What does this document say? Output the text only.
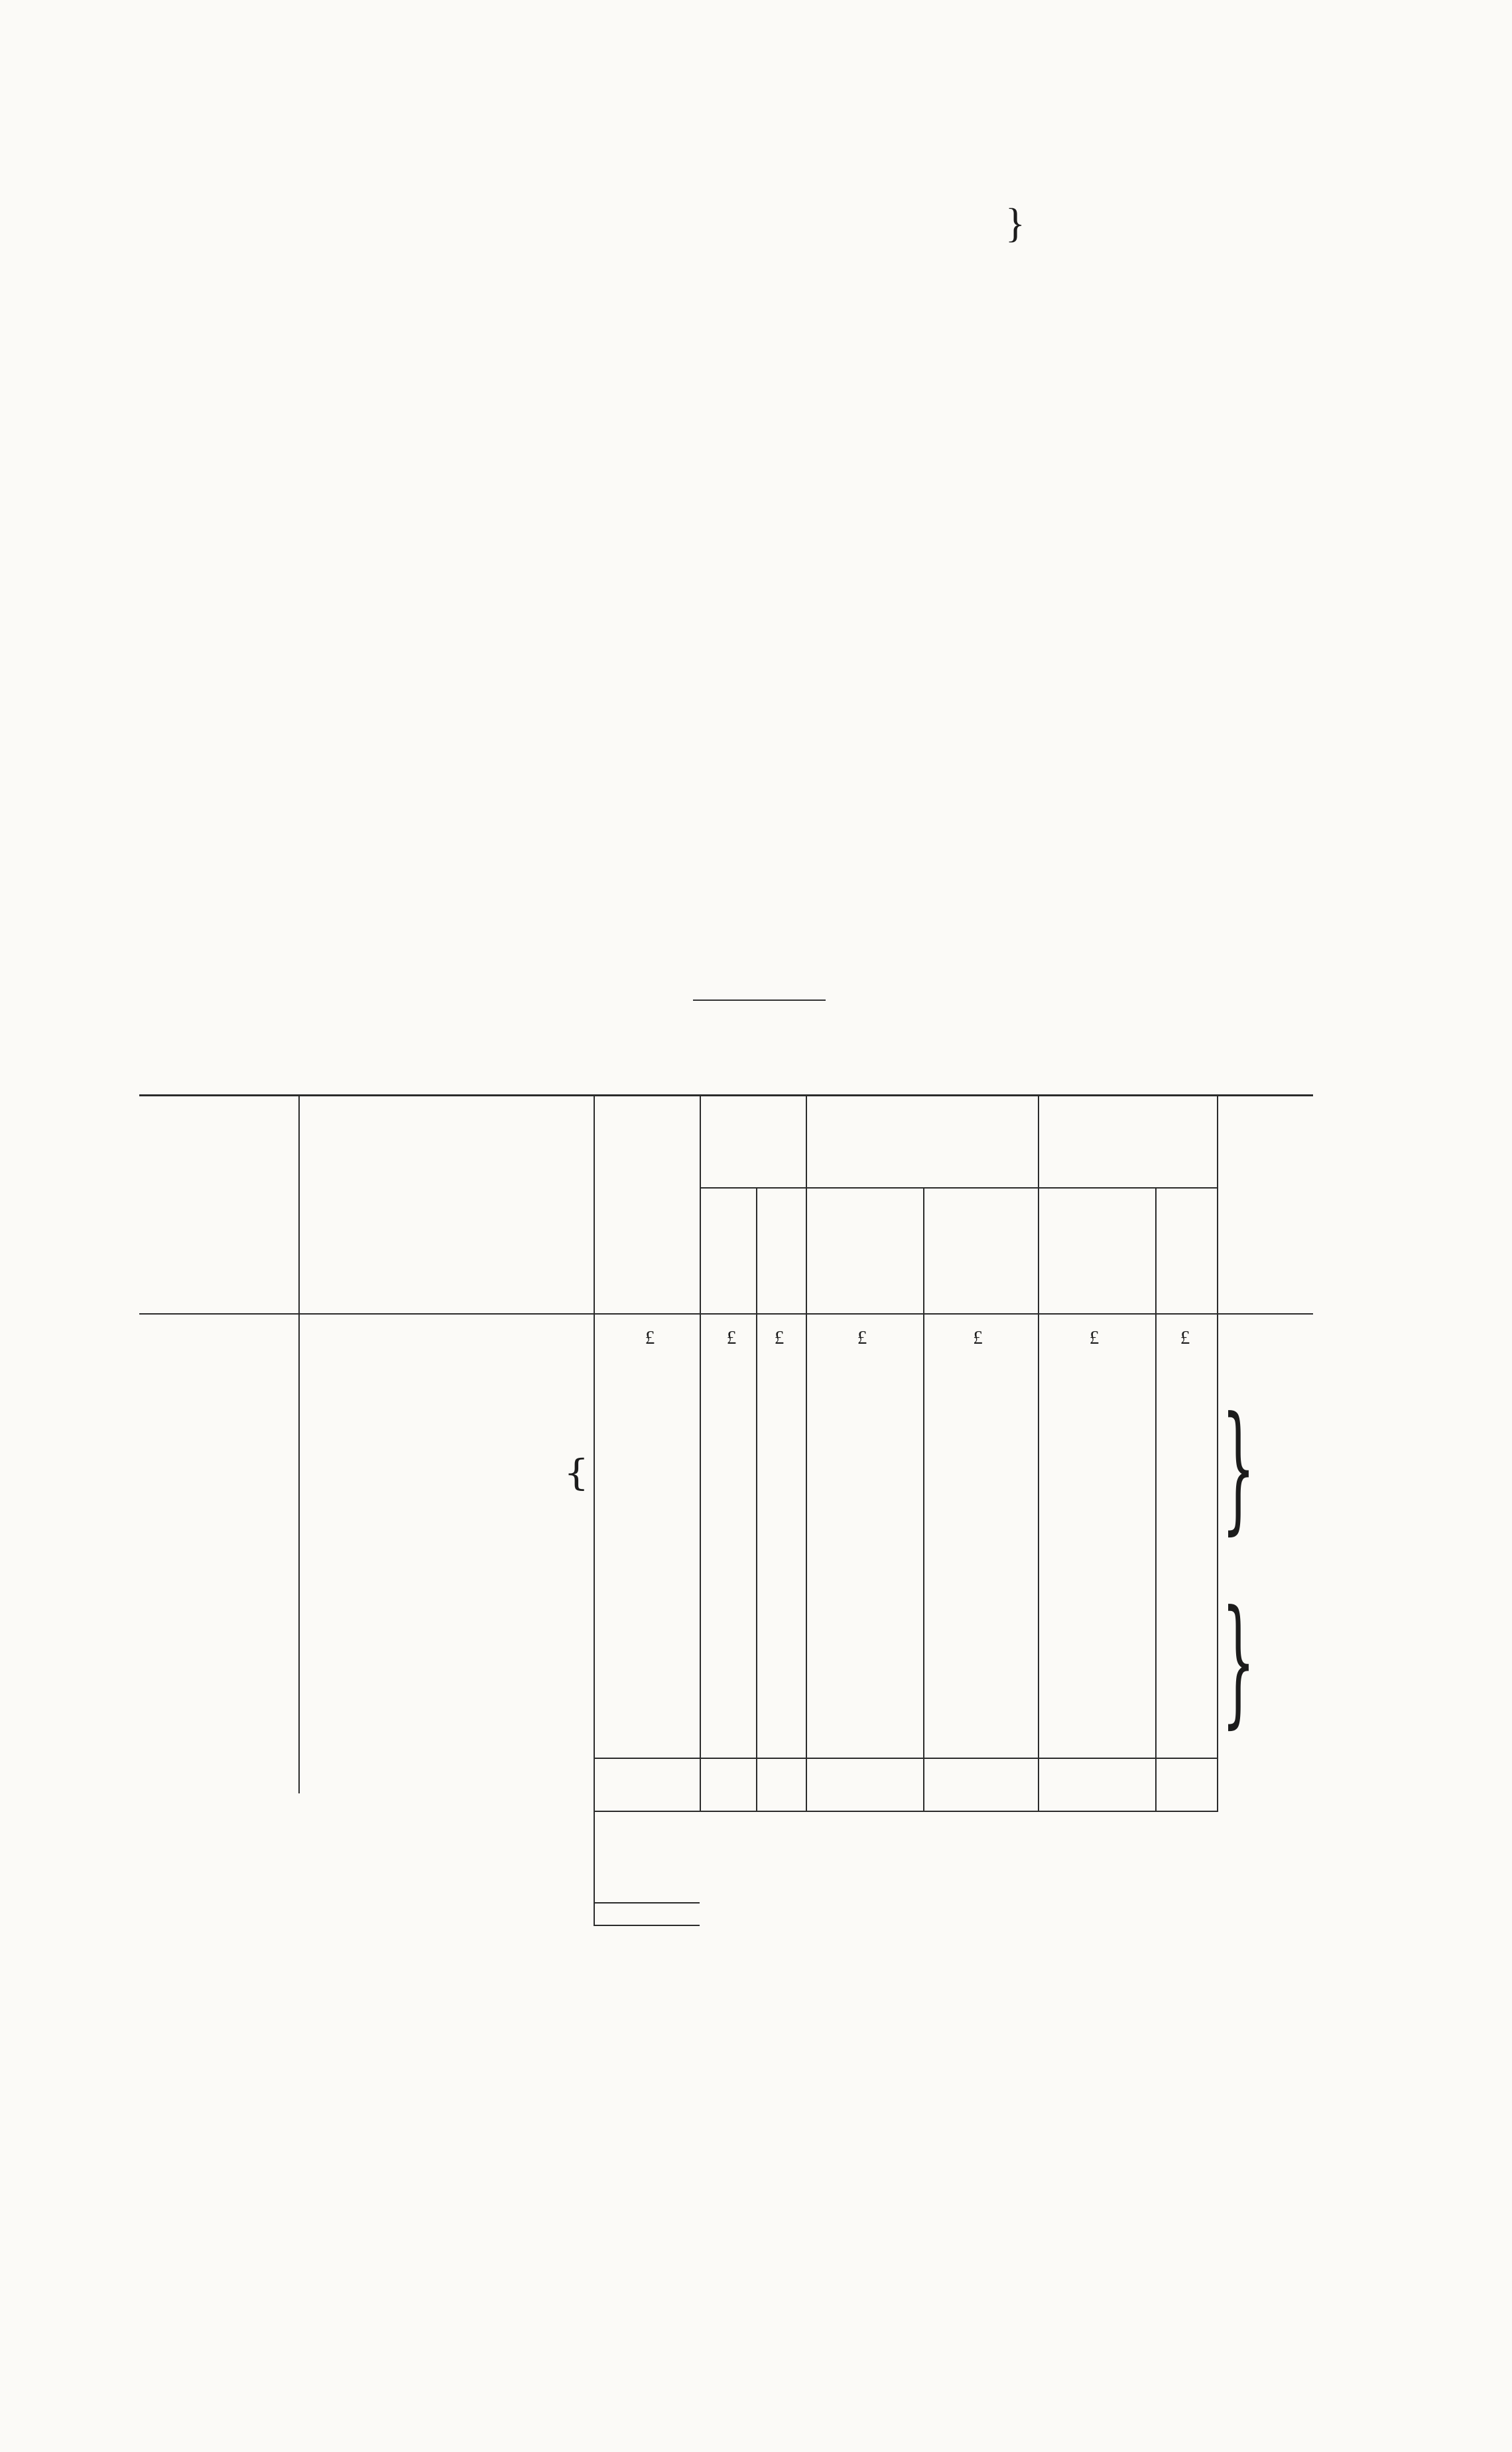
}

}
}
{
£	£	£	£	£	£	£
